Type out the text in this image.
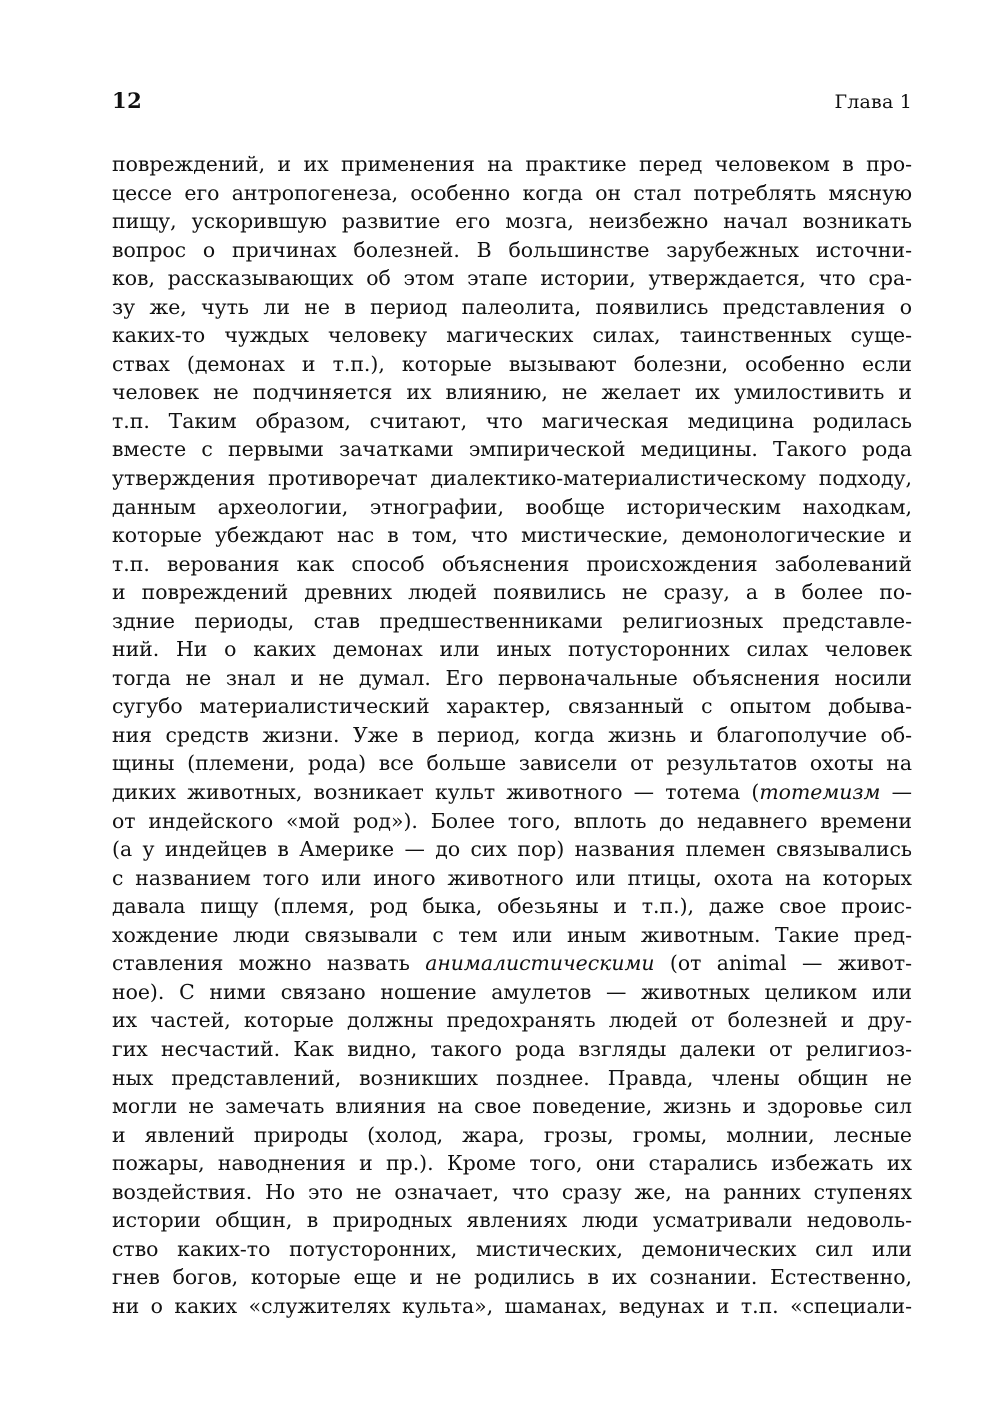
12	Глава 1
повреждений, и их применения на практике перед человеком в про-
цессе его антропогенеза, особенно когда он стал потреблять мясную
пищу, ускорившую развитие его мозга, неизбежно начал возникать
вопрос о причинах болезней. В большинстве зарубежных источни-
ков, рассказывающих об этом этапе истории, утверждается, что сра-
зу же, чуть ли не в период палеолита, появились представления о
каких-то чуждых человеку магических силах, таинственных суще-
ствах (демонах и т.п.), которые вызывают болезни, особенно если
человек не подчиняется их влиянию, не желает их умилостивить и
т.п. Таким образом, считают, что магическая медицина родилась
вместе с первыми зачатками эмпирической медицины. Такого рода
утверждения противоречат диалектико-материалистическому подходу,
данным археологии, этнографии, вообще историческим находкам,
которые убеждают нас в том, что мистические, демонологические и
т.п. верования как способ объяснения происхождения заболеваний
и повреждений древних людей появились не сразу, а в более по-
здние периоды, став предшественниками религиозных представле-
ний. Ни о каких демонах или иных потусторонних силах человек
тогда не знал и не думал. Его первоначальные объяснения носили
сугубо материалистический характер, связанный с опытом добыва-
ния средств жизни. Уже в период, когда жизнь и благополучие об-
щины (племени, рода) все больше зависели от результатов охоты на
диких животных, возникает культ животного — тотема (тотемизм —
от индейского «мой род»). Более того, вплоть до недавнего времени
(а у индейцев в Америке — до сих пор) названия племен связывались
с названием того или иного животного или птицы, охота на которых
давала пищу (племя, род быка, обезьяны и т.п.), даже свое проис-
хождение люди связывали с тем или иным животным. Такие пред-
ставления можно назвать анималистическими (от animal — живот-
ное). С ними связано ношение амулетов — животных целиком или
их частей, которые должны предохранять людей от болезней и дру-
гих несчастий. Как видно, такого рода взгляды далеки от религиоз-
ных представлений, возникших позднее. Правда, члены общин не
могли не замечать влияния на свое поведение, жизнь и здоровье сил
и явлений природы (холод, жара, грозы, громы, молнии, лесные
пожары, наводнения и пр.). Кроме того, они старались избежать их
воздействия. Но это не означает, что сразу же, на ранних ступенях
истории общин, в природных явлениях люди усматривали недоволь-
ство каких-то потусторонних, мистических, демонических сил или
гнев богов, которые еще и не родились в их сознании. Естественно,
ни о каких «служителях культа», шаманах, ведунах и т.п. «специали-
